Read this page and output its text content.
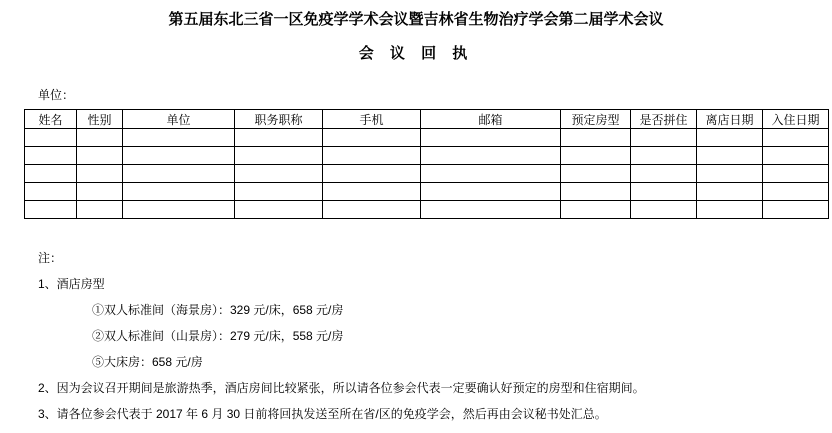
第五届东北三省一区免疫学学术会议暨吉林省生物治疗学会第二届学术会议
会 议 回 执
单位：
姓名	性别	单位	职务职称	手机	邮箱	预定房型	是否拼住	离店日期	入住日期

注：
1、酒店房型
①双人标准间（海景房）：329 元/床，658 元/房
②双人标准间（山景房）：279 元/床，558 元/房
⑤大床房：658 元/房
2、因为会议召开期间是旅游热季，酒店房间比较紧张，所以请各位参会代表一定要确认好预定的房型和住宿期间。
3、请各位参会代表于 2017 年 6 月 30 日前将回执发送至所在省/区的免疫学会，然后再由会议秘书处汇总。
